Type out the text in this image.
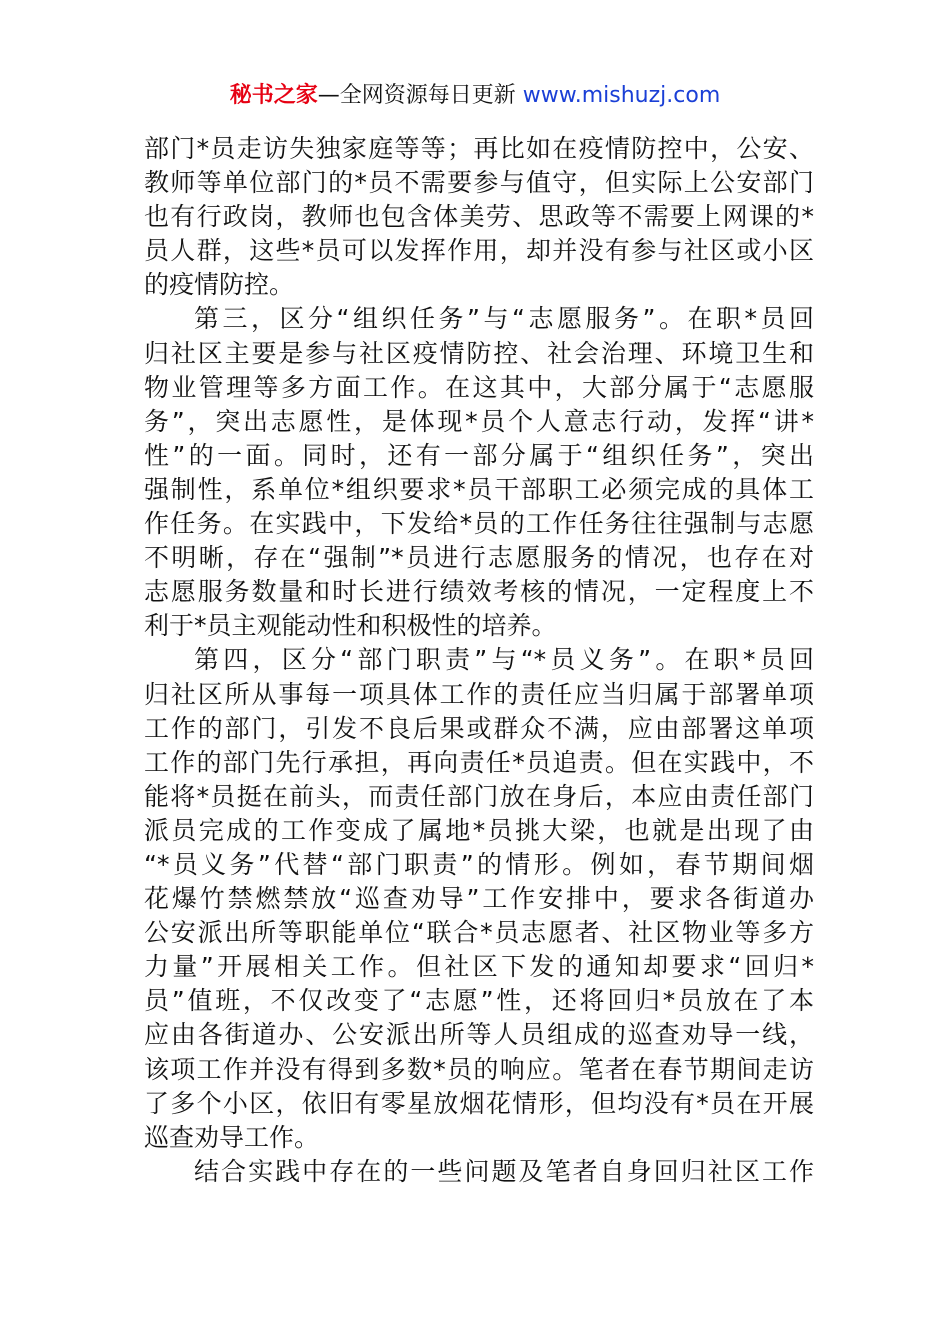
秘书之家—全网资源每日更新 www.mishuzj.com
部门*员走访失独家庭等等；再比如在疫情防控中，公安、
教师等单位部门的*员不需要参与值守，但实际上公安部门
也有行政岗，教师也包含体美劳、思政等不需要上网课的*
员人群，这些*员可以发挥作用，却并没有参与社区或小区
的疫情防控。
第三，区分“组织任务”与“志愿服务”。在职*员回
归社区主要是参与社区疫情防控、社会治理、环境卫生和
物业管理等多方面工作。在这其中，大部分属于“志愿服
务”，突出志愿性，是体现*员个人意志行动，发挥“讲*
性”的一面。同时，还有一部分属于“组织任务”，突出
强制性，系单位*组织要求*员干部职工必须完成的具体工
作任务。在实践中，下发给*员的工作任务往往强制与志愿
不明晰，存在“强制”*员进行志愿服务的情况，也存在对
志愿服务数量和时长进行绩效考核的情况，一定程度上不
利于*员主观能动性和积极性的培养。
第四，区分“部门职责”与“*员义务”。在职*员回
归社区所从事每一项具体工作的责任应当归属于部署单项
工作的部门，引发不良后果或群众不满，应由部署这单项
工作的部门先行承担，再向责任*员追责。但在实践中，不
能将*员挺在前头，而责任部门放在身后，本应由责任部门
派员完成的工作变成了属地*员挑大梁，也就是出现了由
“*员义务”代替“部门职责”的情形。例如，春节期间烟
花爆竹禁燃禁放“巡查劝导”工作安排中，要求各街道办
公安派出所等职能单位“联合*员志愿者、社区物业等多方
力量”开展相关工作。但社区下发的通知却要求“回归*
员”值班，不仅改变了“志愿”性，还将回归*员放在了本
应由各街道办、公安派出所等人员组成的巡查劝导一线，
该项工作并没有得到多数*员的响应。笔者在春节期间走访
了多个小区，依旧有零星放烟花情形，但均没有*员在开展
巡查劝导工作。
结合实践中存在的一些问题及笔者自身回归社区工作
